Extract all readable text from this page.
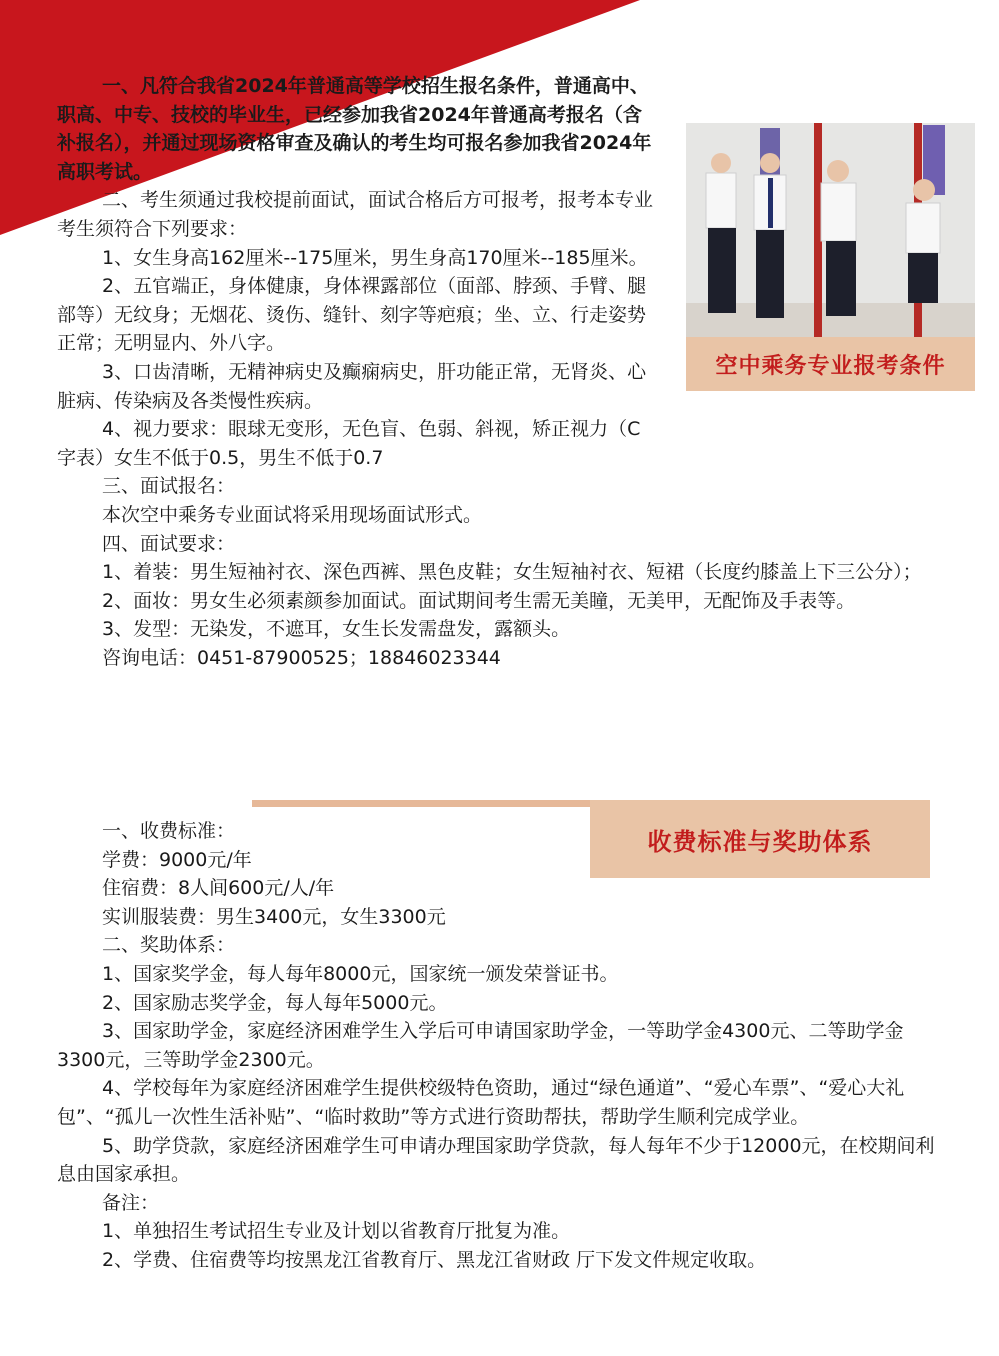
一、凡符合我省2024年普通高等学校招生报名条件，普通高中、职高、中专、技校的毕业生，已经参加我省2024年普通高考报名（含补报名），并通过现场资格审查及确认的考生均可报名参加我省2024年高职考试。

二、考生须通过我校提前面试，面试合格后方可报考，报考本专业考生须符合下列要求：

1、女生身高162厘米--175厘米，男生身高170厘米--185厘米。

2、五官端正，身体健康，身体裸露部位（面部、脖颈、手臂、腿部等）无纹身；无烟花、烫伤、缝针、刻字等疤痕；坐、立、行走姿势正常；无明显内、外八字。

3、口齿清晰，无精神病史及癫痫病史，肝功能正常，无肾炎、心脏病、传染病及各类慢性疾病。

4、视力要求：眼球无变形，无色盲、色弱、斜视，矫正视力（C字表）女生不低于0.5，男生不低于0.7

三、面试报名：

本次空中乘务专业面试将采用现场面试形式。

四、面试要求：

1、着装：男生短袖衬衣、深色西裤、黑色皮鞋；女生短袖衬衣、短裙（长度约膝盖上下三公分）；

2、面妆：男女生必须素颜参加面试。面试期间考生需无美瞳，无美甲，无配饰及手表等。

3、发型：无染发，不遮耳，女生长发需盘发，露额头。

咨询电话：0451-87900525；18846023344

空中乘务专业报考条件
收费标准与奖助体系

一、收费标准：

学费：9000元/年

住宿费：8人间600元/人/年

实训服装费：男生3400元，女生3300元

二、奖助体系：

1、国家奖学金，每人每年8000元，国家统一颁发荣誉证书。

2、国家励志奖学金，每人每年5000元。

3、国家助学金，家庭经济困难学生入学后可申请国家助学金，一等助学金4300元、二等助学金3300元，三等助学金2300元。

4、学校每年为家庭经济困难学生提供校级特色资助，通过“绿色通道”、“爱心车票”、“爱心大礼包”、“孤儿一次性生活补贴”、“临时救助”等方式进行资助帮扶，帮助学生顺利完成学业。

5、助学贷款，家庭经济困难学生可申请办理国家助学贷款，每人每年不少于12000元，在校期间利息由国家承担。

备注：

1、单独招生考试招生专业及计划以省教育厅批复为准。

2、学费、住宿费等均按黑龙江省教育厅、黑龙江省财政 厅下发文件规定收取。
